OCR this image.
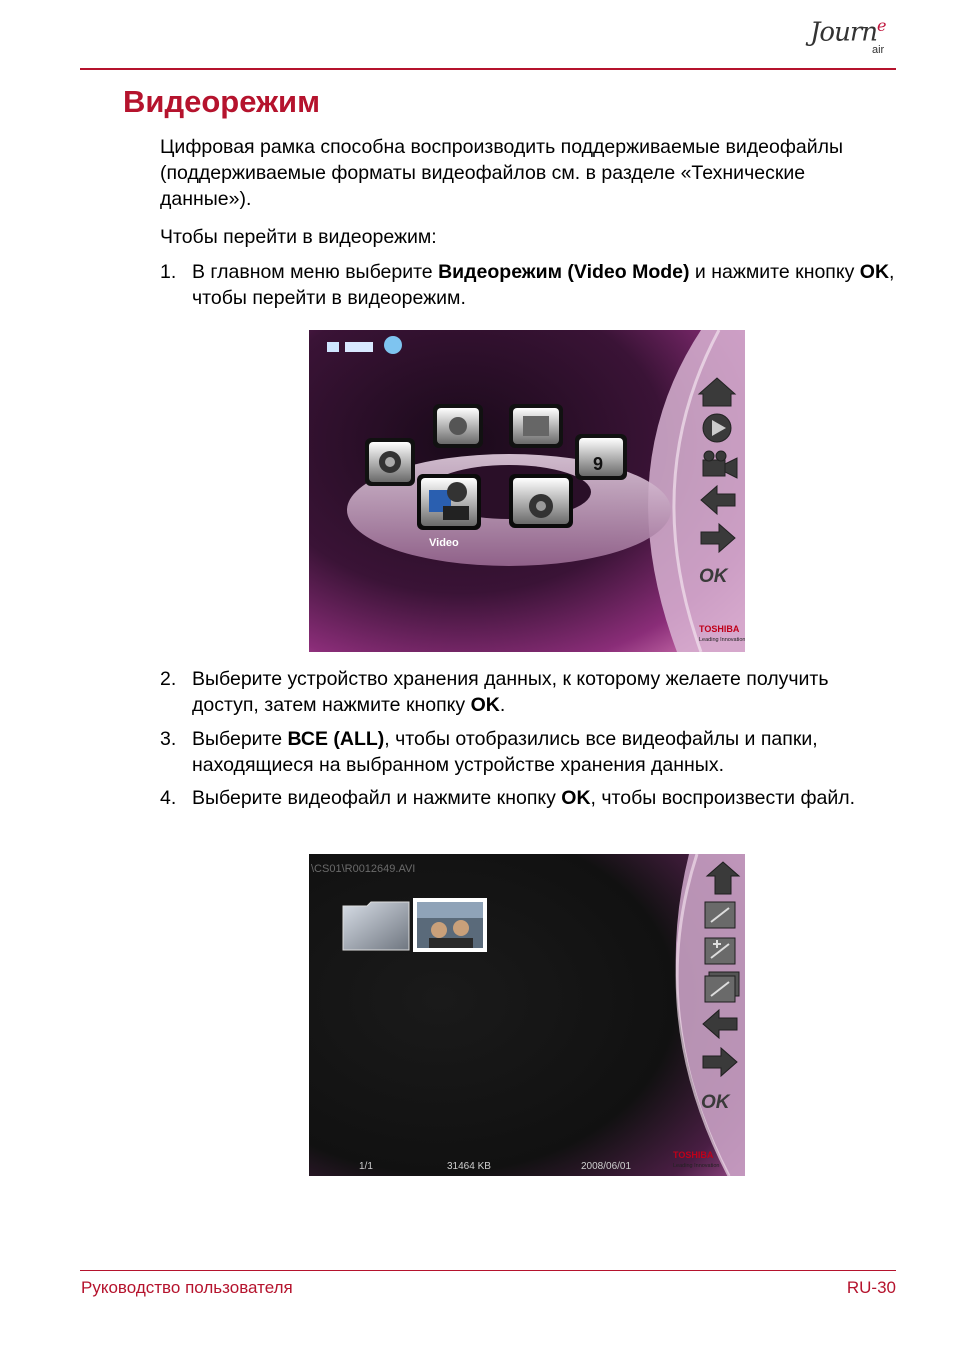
Journ$^e$
air
Видеорежим

Цифровая рамка способна воспроизводить поддерживаемые видеофайлы (поддерживаемые форматы видеофайлов см. в разделе «Технические данные»).

Чтобы перейти в видеорежим:

1. В главном меню выберите Видеорежим (Video Mode) и нажмите кнопку OK, чтобы перейти в видеорежим.
9
Video
OK
TOSHIBA
Leading Innovation
2. Выберите устройство хранения данных, к которому желаете получить доступ, затем нажмите кнопку OK.
3. Выберите ВСЕ (ALL), чтобы отобразились все видеофайлы и папки, находящиеся на выбранном устройстве хранения данных.
4. Выберите видеофайл и нажмите кнопку OK, чтобы воспроизвести файл.
\CS01\R0012649.AVI
OK
TOSHIBA
Leading Innovation
1/1	31464 KB	2008/06/01
Руководство пользователя	RU-30
